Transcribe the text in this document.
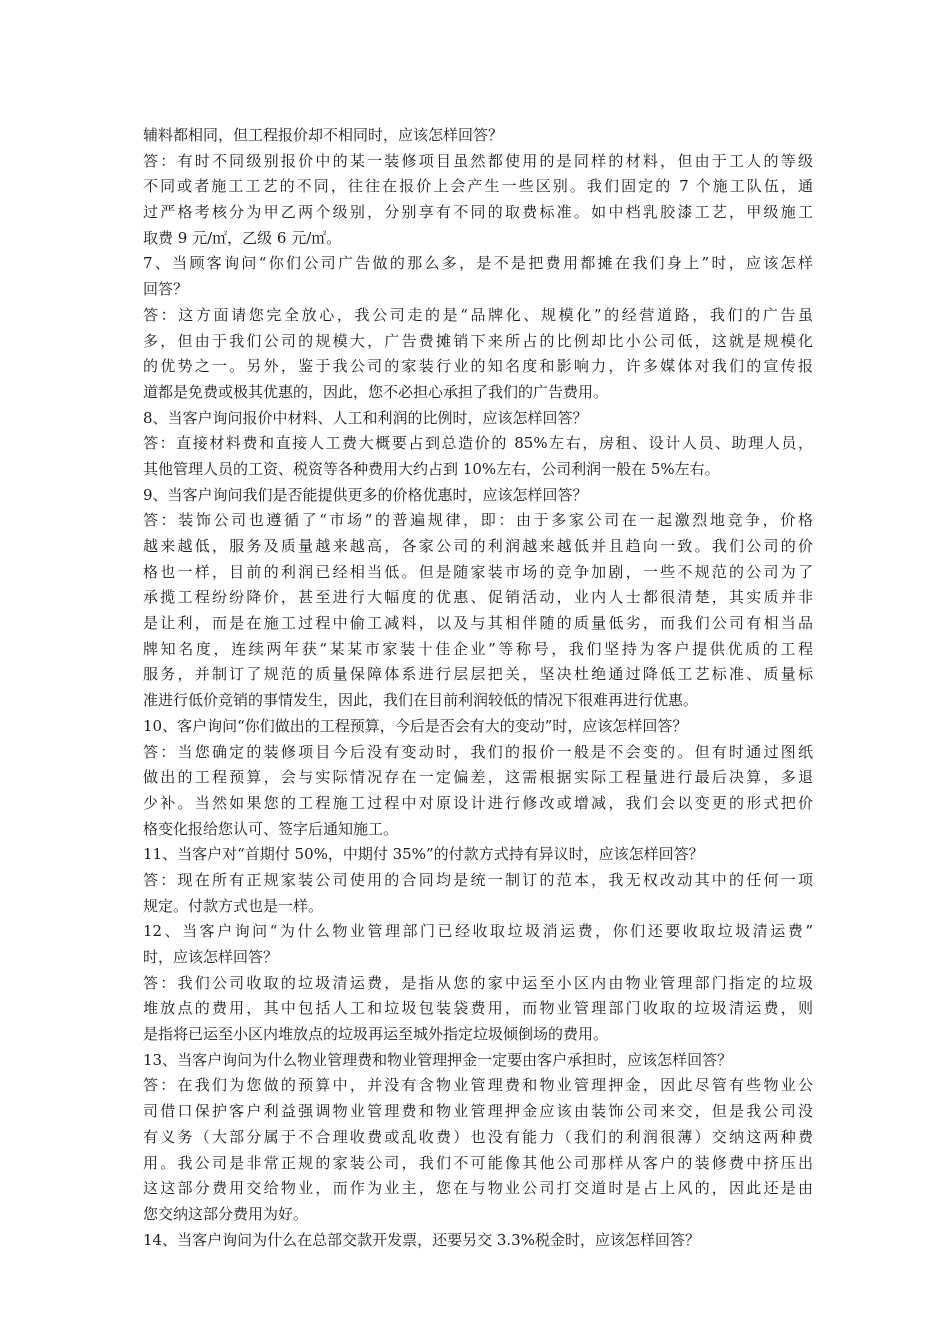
辅料都相同，但工程报价却不相同时，应该怎样回答？
答：有时不同级别报价中的某一装修项目虽然都使用的是同样的材料，但由于工人的等级
不同或者施工工艺的不同，往往在报价上会产生一些区别。我们固定的 7 个施工队伍，通
过严格考核分为甲乙两个级别，分别享有不同的取费标准。如中档乳胶漆工艺，甲级施工
取费 9 元/㎡，乙级 6 元/㎡。
7、当顾客询问“你们公司广告做的那么多，是不是把费用都摊在我们身上”时，应该怎样
回答？
答：这方面请您完全放心，我公司走的是“品牌化、规模化”的经营道路，我们的广告虽
多，但由于我们公司的规模大，广告费摊销下来所占的比例却比小公司低，这就是规模化
的优势之一。另外，鉴于我公司的家装行业的知名度和影响力，许多媒体对我们的宣传报
道都是免费或极其优惠的，因此，您不必担心承担了我们的广告费用。
8、当客户询问报价中材料、人工和利润的比例时，应该怎样回答？
答：直接材料费和直接人工费大概要占到总造价的 85%左右，房租、设计人员、助理人员，
其他管理人员的工资、税资等各种费用大约占到 10%左右，公司利润一般在 5%左右。
9、当客户询问我们是否能提供更多的价格优惠时，应该怎样回答？
答：装饰公司也遵循了“市场”的普遍规律，即：由于多家公司在一起激烈地竞争，价格
越来越低，服务及质量越来越高，各家公司的利润越来越低并且趋向一致。我们公司的价
格也一样，目前的利润已经相当低。但是随家装市场的竞争加剧，一些不规范的公司为了
承揽工程纷纷降价，甚至进行大幅度的优惠、促销活动，业内人士都很清楚，其实质并非
是让利，而是在施工过程中偷工减料，以及与其相伴随的质量低劣，而我们公司有相当品
牌知名度，连续两年获“某某市家装十佳企业”等称号，我们坚持为客户提供优质的工程
服务，并制订了规范的质量保障体系进行层层把关，坚决杜绝通过降低工艺标准、质量标
准进行低价竞销的事情发生，因此，我们在目前利润较低的情况下很难再进行优惠。
10、客户询问“你们做出的工程预算，今后是否会有大的变动”时，应该怎样回答？
答：当您确定的装修项目今后没有变动时，我们的报价一般是不会变的。但有时通过图纸
做出的工程预算，会与实际情况存在一定偏差，这需根据实际工程量进行最后决算，多退
少补。当然如果您的工程施工过程中对原设计进行修改或增减，我们会以变更的形式把价
格变化报给您认可、签字后通知施工。
11、当客户对“首期付 50%，中期付 35%”的付款方式持有异议时，应该怎样回答？
答：现在所有正规家装公司使用的合同均是统一制订的范本，我无权改动其中的任何一项
规定。付款方式也是一样。
12、当客户询问“为什么物业管理部门已经收取垃圾消运费，你们还要收取垃圾清运费”
时，应该怎样回答？
答：我们公司收取的垃圾清运费，是指从您的家中运至小区内由物业管理部门指定的垃圾
堆放点的费用，其中包括人工和垃圾包装袋费用，而物业管理部门收取的垃圾清运费，则
是指将已运至小区内堆放点的垃圾再运至城外指定垃圾倾倒场的费用。
13、当客户询问为什么物业管理费和物业管理押金一定要由客户承担时，应该怎样回答？
答：在我们为您做的预算中，并没有含物业管理费和物业管理押金，因此尽管有些物业公
司借口保护客户利益强调物业管理费和物业管理押金应该由装饰公司来交，但是我公司没
有义务（大部分属于不合理收费或乱收费）也没有能力（我们的利润很薄）交纳这两种费
用。我公司是非常正规的家装公司，我们不可能像其他公司那样从客户的装修费中挤压出
这这部分费用交给物业，而作为业主，您在与物业公司打交道时是占上风的，因此还是由
您交纳这部分费用为好。
14、当客户询问为什么在总部交款开发票，还要另交 3.3%税金时，应该怎样回答？
